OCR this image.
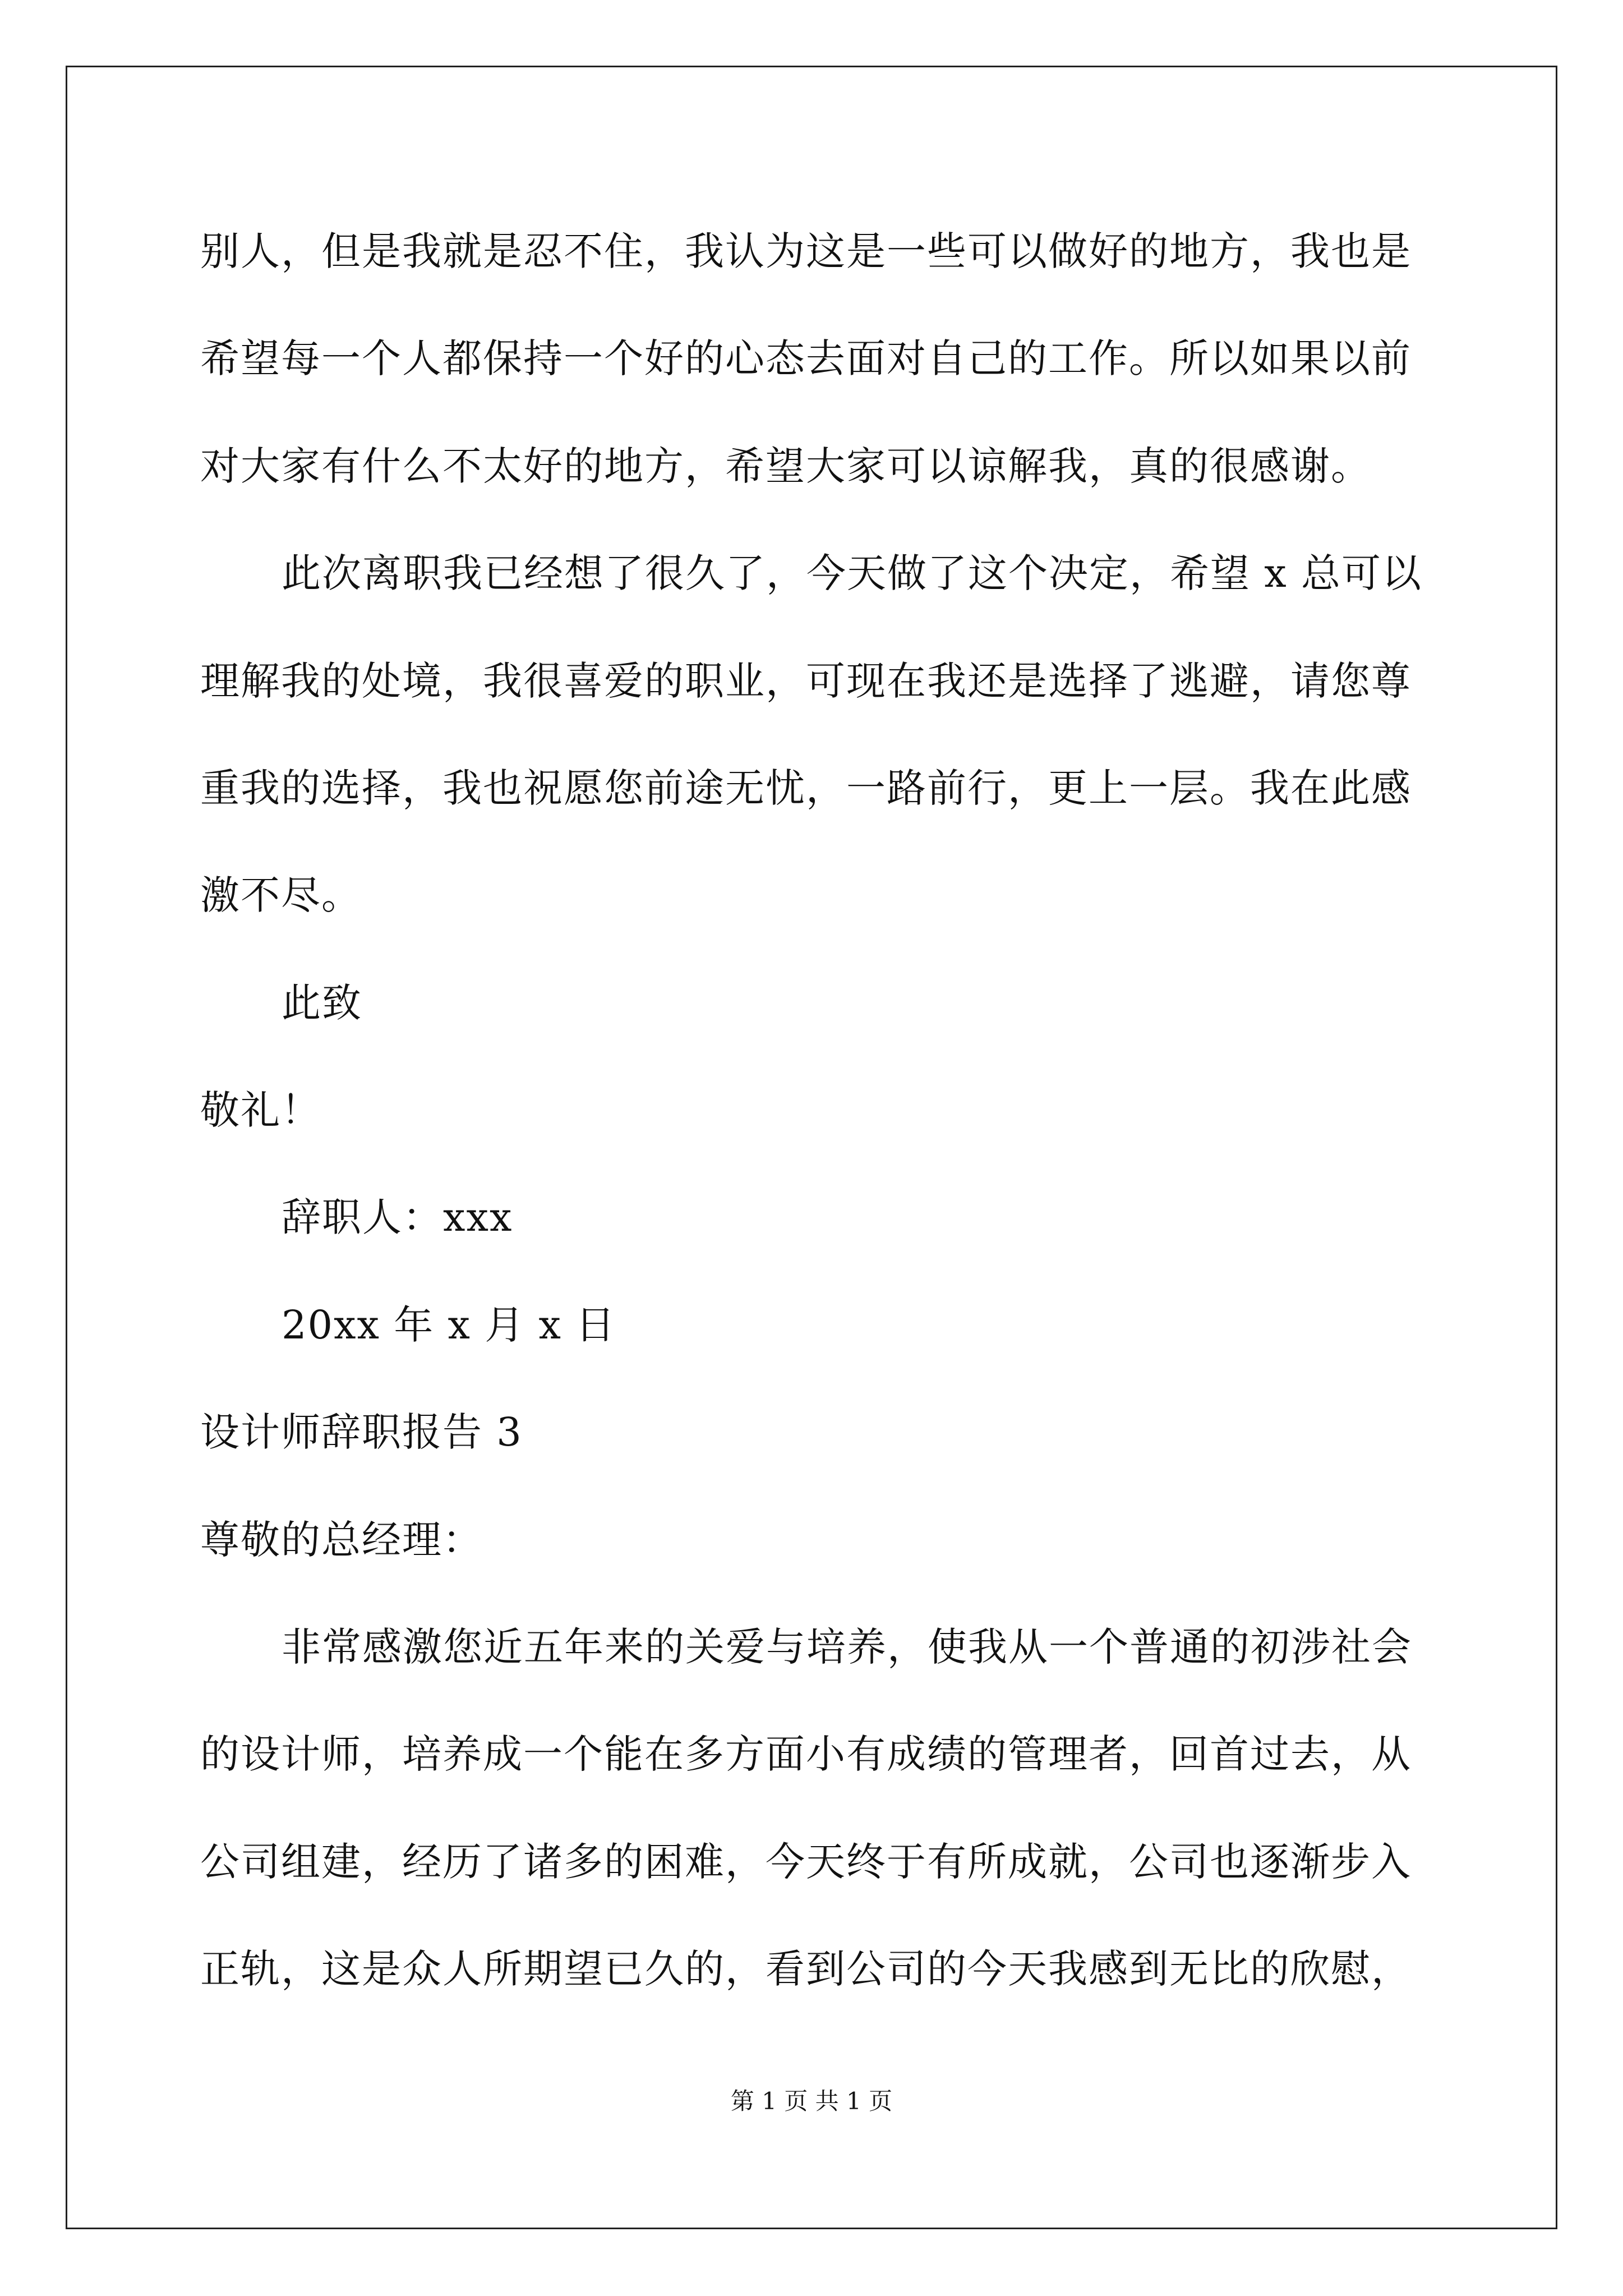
别人，但是我就是忍不住，我认为这是一些可以做好的地方，我也是
希望每一个人都保持一个好的心态去面对自己的工作。所以如果以前
对大家有什么不太好的地方，希望大家可以谅解我，真的很感谢。
此次离职我已经想了很久了，今天做了这个决定，希望 x 总可以
理解我的处境，我很喜爱的职业，可现在我还是选择了逃避，请您尊
重我的选择，我也祝愿您前途无忧，一路前行，更上一层。我在此感
激不尽。
此致
敬礼！
辞职人：xxx
20xx 年 x 月 x 日
设计师辞职报告 3
尊敬的总经理：
非常感激您近五年来的关爱与培养，使我从一个普通的初涉社会
的设计师，培养成一个能在多方面小有成绩的管理者，回首过去，从
公司组建，经历了诸多的困难，今天终于有所成就，公司也逐渐步入
正轨，这是众人所期望已久的，看到公司的今天我感到无比的欣慰，
第 1 页 共 1 页
